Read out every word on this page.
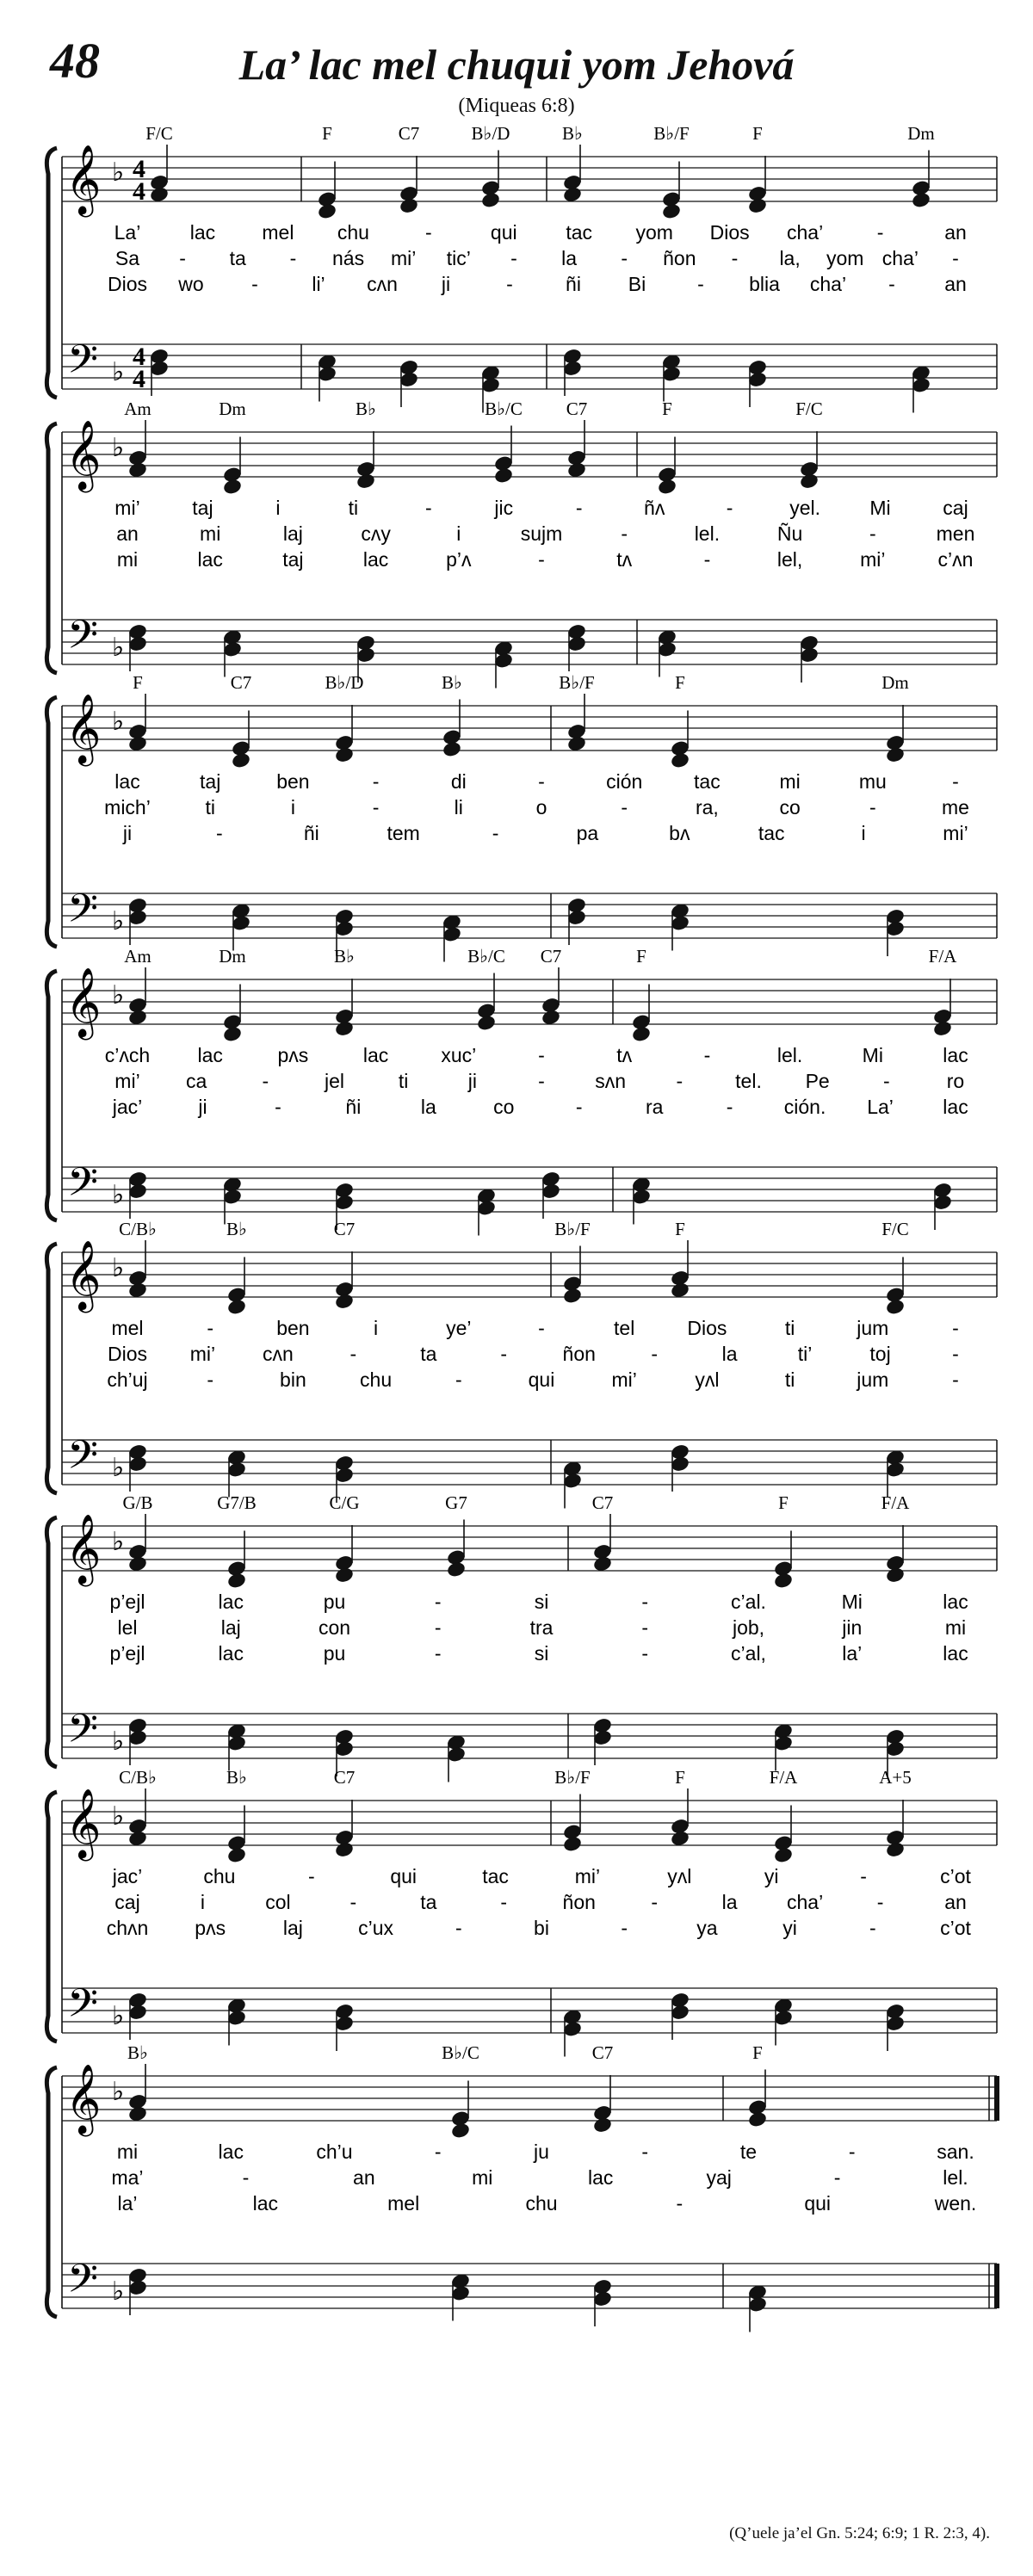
48	La’ lac mel chuqui yom Jehová
(Miqueas 6:8)
𝄞
𝄢
♭
♭
4
4
4
4
F/C	F	C7	B♭/D	B♭	B♭/F	F	Dm
La’ lac mel chu	-	qui tac yom Dios cha’	-	an
Sa - ta - nás mi’ tic’ - la - ñon - la, yom cha’ -
Dios wo -	li’ cʌn ji	-	ñi Bi	- blia cha’ - an
𝄞
𝄢
♭
♭
Am	Dm	B♭	B♭/C C7	F	F/C
mi’	taj	i	ti	-	jic	-	ñʌ	-	yel. Mi	caj
an	mi	laj	cʌy	i	sujm	-	lel.	Ñu	-	men
mi	lac	taj	lac	p’ʌ	-	tʌ	-	lel,	mi’	c’ʌn
𝄞
𝄢
♭
♭
F	C7	B♭/D	B♭	B♭/F	F	Dm
lac	taj	ben	-	di	-	ción	tac	mi	mu	-
mich’	ti	i	-	li	o	-	ra,	co	-	me
ji	-	ñi	tem	-	pa	bʌ	tac	i	mi’
𝄞
𝄢
♭
♭
Am	Dm	B♭	B♭/C C7	F	F/A
c’ʌch lac	pʌs	lac	xuc’	-	tʌ	-	lel.	Mi	lac
mi’ ca	-	jel	ti	ji	-	sʌn	-	tel. Pe	-	ro
jac’	ji	-	ñi	la	co	-	ra	-	ción. La’ lac
𝄞
𝄢
♭
♭
C/B♭	B♭	C7	B♭/F	F	F/C
mel	-	ben	i	ye’	-	tel	Dios	ti	jum	-
Dios mi’ cʌn	-	ta	-	ñon	-	la	ti’	toj	-
ch’uj	-	bin	chu	-	qui	mi’	yʌl	ti	jum	-
𝄞
𝄢
♭
♭
G/B	G7/B	C/G	G7	C7	F	F/A
p’ejl	lac	pu	-	si	-	c’al.	Mi	lac
lel	laj	con	-	tra	-	job,	jin	mi
p’ejl	lac	pu	-	si	-	c’al,	la’	lac
𝄞
𝄢
♭
♭
C/B♭	B♭	C7	B♭/F	F	F/A	A+5
jac’	chu	-	qui	tac	mi’	yʌl	yi	-	c’ot
caj	i	col	-	ta	-	ñon	-	la cha’	-	an
chʌn pʌs	laj	c’ux	-	bi	-	ya	yi	-	c’ot
𝄞
𝄢
♭
♭
B♭	B♭/C	C7	F
mi	lac	ch’u	-	ju	-	te	-	san.
ma’	-	an	mi	lac	yaj	-	lel.
la’	lac	mel	chu	-	qui	wen.
(Q’uele ja’el Gn. 5:24; 6:9; 1 R. 2:3, 4).
